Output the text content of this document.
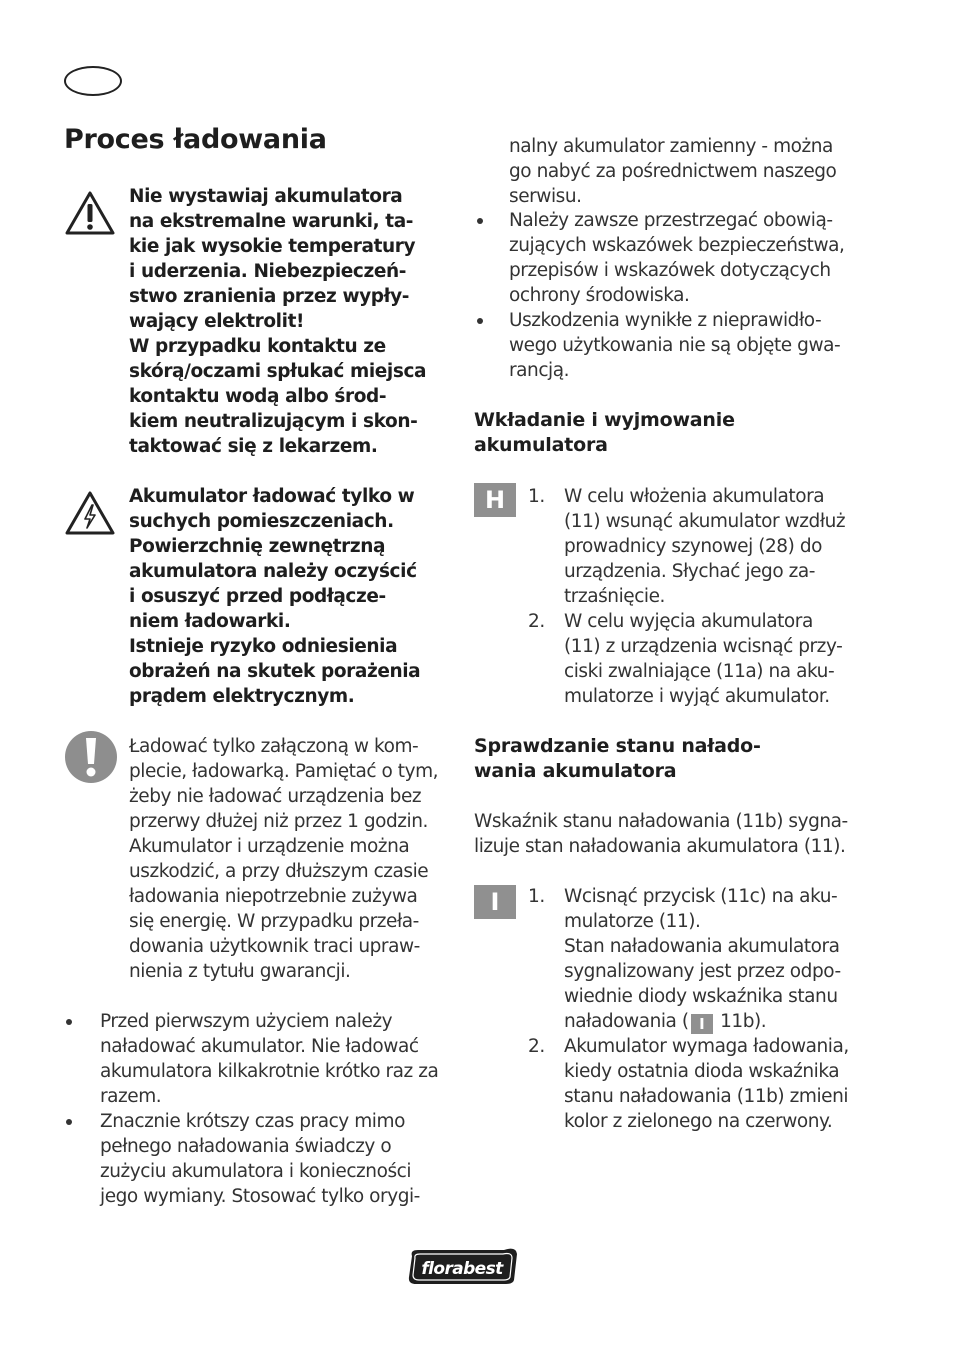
Proces ładowania
Nie wystawiaj akumulatora
na ekstremalne warunki, ta-
kie jak wysokie temperatury
i uderzenia. Niebezpieczeń-
stwo zranienia przez wypły-
wający elektrolit!
W przypadku kontaktu ze
skórą/oczami spłukać miejsca
kontaktu wodą albo środ-
kiem neutralizującym i skon-
taktować się z lekarzem.
Akumulator ładować tylko w
suchych pomieszczeniach.
Powierzchnię zewnętrzną
akumulatora należy oczyścić
i osuszyć przed podłącze-
niem ładowarki.
Istnieje ryzyko odniesienia
obrażeń na skutek porażenia
prądem elektrycznym.
Ładować tylko załączoną w kom-
plecie, ładowarką. Pamiętać o tym,
żeby nie ładować urządzenia bez
przerwy dłużej niż przez 1 godzin.
Akumulator i urządzenie można
uszkodzić, a przy dłuższym czasie
ładowania niepotrzebnie zużywa
się energię. W przypadku przeła-
dowania użytkownik traci upraw-
nienia z tytułu gwarancji.
Przed pierwszym użyciem należy
naładować akumulator. Nie ładować
akumulatora kilkakrotnie krótko raz za
razem.
Znacznie krótszy czas pracy mimo
pełnego naładowania świadczy o
zużyciu akumulatora i konieczności
jego wymiany. Stosować tylko orygi-
nalny akumulator zamienny - można
go nabyć za pośrednictwem naszego
serwisu.
Należy zawsze przestrzegać obowią-
zujących wskazówek bezpieczeństwa,
przepisów i wskazówek dotyczących
ochrony środowiska.
Uszkodzenia wynikłe z nieprawidło-
wego użytkowania nie są objęte gwa-
rancją.
Wkładanie i wyjmowanie
akumulatora
H	1. W celu włożenia akumulatora
(11) wsunąć akumulator wzdłuż
prowadnicy szynowej (28) do
urządzenia. Słychać jego za-
trzaśnięcie.
2. W celu wyjęcia akumulatora
(11) z urządzenia wcisnąć przy-
ciski zwalniające (11a) na aku-
mulatorze i wyjąć akumulator.
Sprawdzanie stanu nałado-
wania akumulatora
Wskaźnik stanu naładowania (11b) sygna-
lizuje stan naładowania akumulatora (11).
I	1. Wcisnąć przycisk (11c) na aku-
mulatorze (11).
Stan naładowania akumulatora
sygnalizowany jest przez odpo-
wiednie diody wskaźnika stanu
naładowania ( I 11b).
2. Akumulator wymaga ładowania,
kiedy ostatnia dioda wskaźnika
stanu naładowania (11b) zmieni
kolor z zielonego na czerwony.
florabest
